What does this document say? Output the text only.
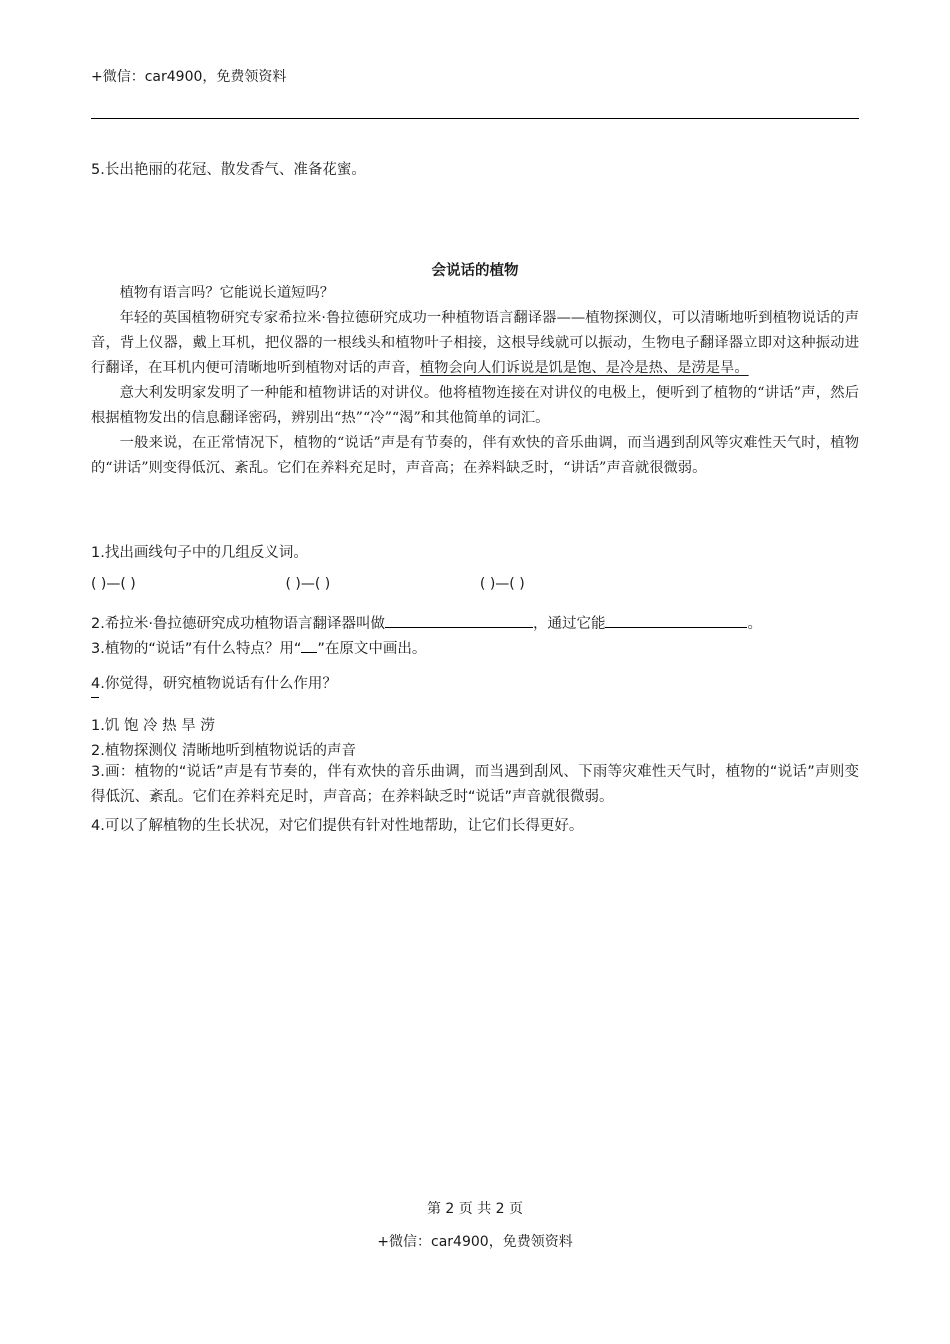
+微信：car4900，免费领资料
5.长出艳丽的花冠、散发香气、准备花蜜。
会说话的植物

植物有语言吗？它能说长道短吗？

年轻的英国植物研究专家希拉米·鲁拉德研究成功一种植物语言翻译器——植物探测仪，可以清晰地听到植物说话的声音，背上仪器，戴上耳机，把仪器的一根线头和植物叶子相接，这根导线就可以振动，生物电子翻译器立即对这种振动进行翻译，在耳机内便可清晰地听到植物对话的声音，植物会向人们诉说是饥是饱、是冷是热、是涝是旱。

意大利发明家发明了一种能和植物讲话的对讲仪。他将植物连接在对讲仪的电极上，便听到了植物的“讲话”声，然后根据植物发出的信息翻译密码，辨别出“热”“冷”“渴”和其他简单的词汇。

一般来说，在正常情况下，植物的“说话”声是有节奏的，伴有欢快的音乐曲调，而当遇到刮风等灾难性天气时，植物的“讲话”则变得低沉、紊乱。它们在养料充足时，声音高；在养料缺乏时，“讲话”声音就很微弱。

1.找出画线句子中的几组反义词。
( )—( )	( )—( )	( )—( )
2.希拉米·鲁拉德研究成功植物语言翻译器叫做	，通过它能	。
3.植物的“说话”有什么特点？用“ ”在原文中画出。
4.你觉得，研究植物说话有什么作用？
1.饥 饱 冷 热 旱 涝
2.植物探测仪 清晰地听到植物说话的声音

3.画：植物的“说话”声是有节奏的，伴有欢快的音乐曲调，而当遇到刮风、下雨等灾难性天气时，植物的“说话”声则变得低沉、紊乱。它们在养料充足时，声音高；在养料缺乏时“说话”声音就很微弱。

4.可以了解植物的生长状况，对它们提供有针对性地帮助，让它们长得更好。
第 2 页 共 2 页
+微信：car4900，免费领资料
